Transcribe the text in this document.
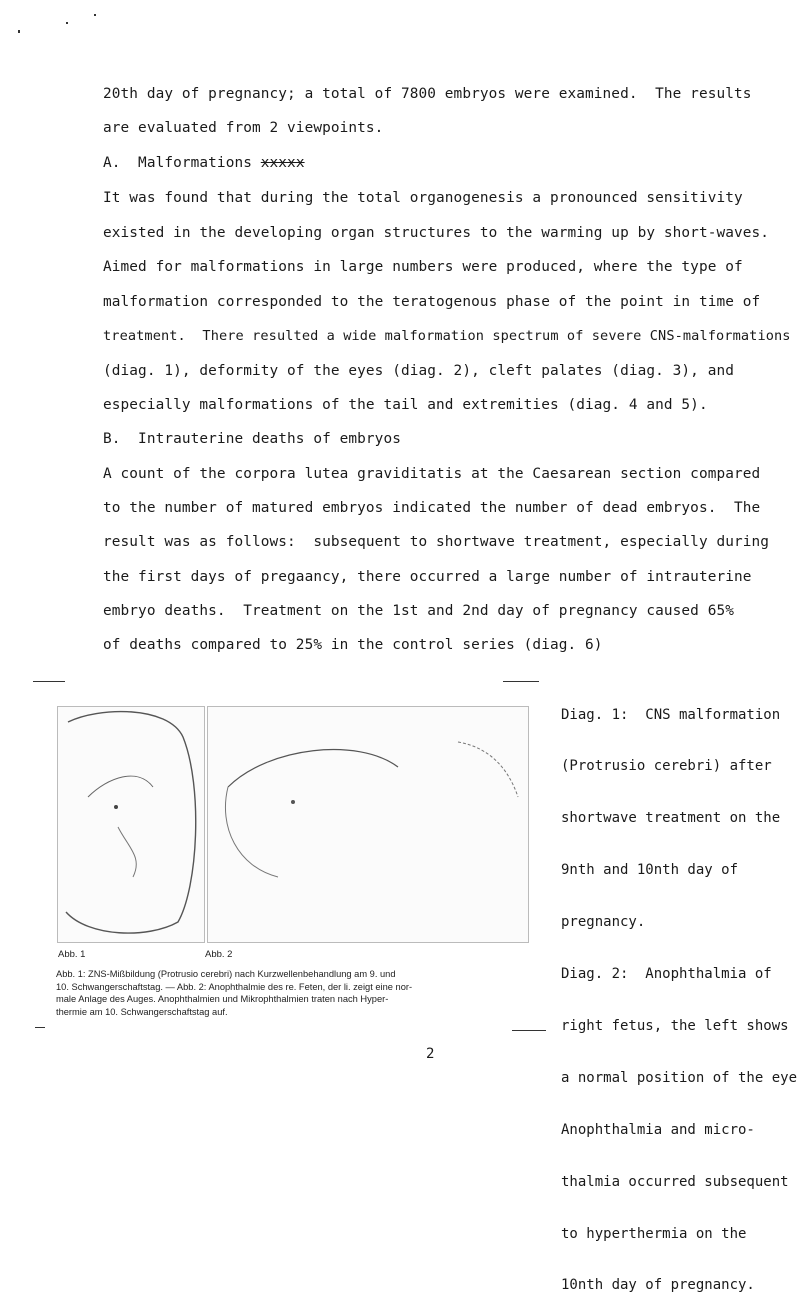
20th day of pregnancy; a total of 7800 embryos were examined.  The results
are evaluated from 2 viewpoints.
A.  Malformations xxxxx
It was found that during the total organogenesis a pronounced sensitivity
existed in the developing organ structures to the warming up by short-waves.
Aimed for malformations in large numbers were produced, where the type of
malformation corresponded to the teratogenous phase of the point in time of
treatment.  There resulted a wide malformation spectrum of severe CNS-malformations
(diag. 1), deformity of the eyes (diag. 2), cleft palates (diag. 3), and
especially malformations of the tail and extremities (diag. 4 and 5).
B.  Intrauterine deaths of embryos
A count of the corpora lutea graviditatis at the Caesarean section compared
to the number of matured embryos indicated the number of dead embryos.  The
result was as follows:  subsequent to shortwave treatment, especially during
the first days of pregaancy, there occurred a large number of intrauterine
embryo deaths.  Treatment on the 1st and 2nd day of pregnancy caused 65%
of deaths compared to 25% in the control series (diag. 6)
Abb. 1	Abb. 2
Abb. 1: ZNS-Mißbildung (Protrusio cerebri) nach Kurzwellenbehandlung am 9. und
10. Schwangerschaftstag. — Abb. 2: Anophthalmie des re. Feten, der li. zeigt eine nor-
male Anlage des Auges. Anophthalmien und Mikrophthalmien traten nach Hyper-
thermie am 10. Schwangerschaftstag auf.

Diag. 1:  CNS malformation

(Protrusio cerebri) after

shortwave treatment on the

9nth and 10nth day of

pregnancy.

Diag. 2:  Anophthalmia of

right fetus, the left shows

a normal position of the eye

Anophthalmia and micro-

thalmia occurred subsequent

to hyperthermia on the

10nth day of pregnancy.

2
